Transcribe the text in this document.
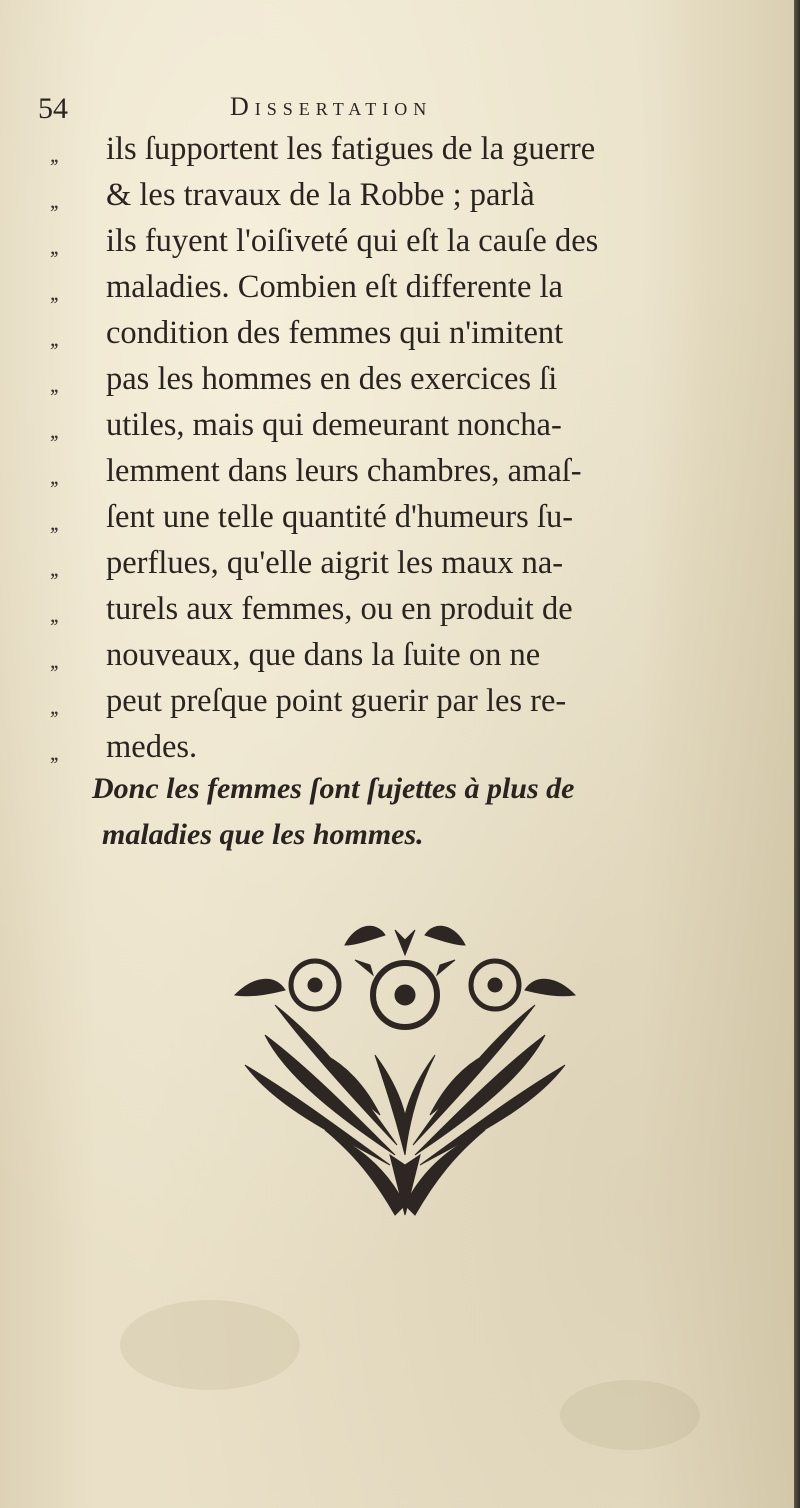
54	Dissertation
,, ils ſupportent les fatigues de la guerre
,, & les travaux de la Robbe ; parlà
,, ils fuyent l'oiſiveté qui eſt la cauſe des
,, maladies. Combien eſt differente la
,, condition des femmes qui n'imitent
,, pas les hommes en des exercices ſi
,, utiles, mais qui demeurant noncha-
,, lemment dans leurs chambres, amaſ-
,, ſent une telle quantité d'humeurs ſu-
,, perflues, qu'elle aigrit les maux na-
,, turels aux femmes, ou en produit de
,, nouveaux, que dans la ſuite on ne
,, peut preſque point guerir par les re-
,, medes.
Donc les femmes ſont ſujettes à plus de
maladies que les hommes.
